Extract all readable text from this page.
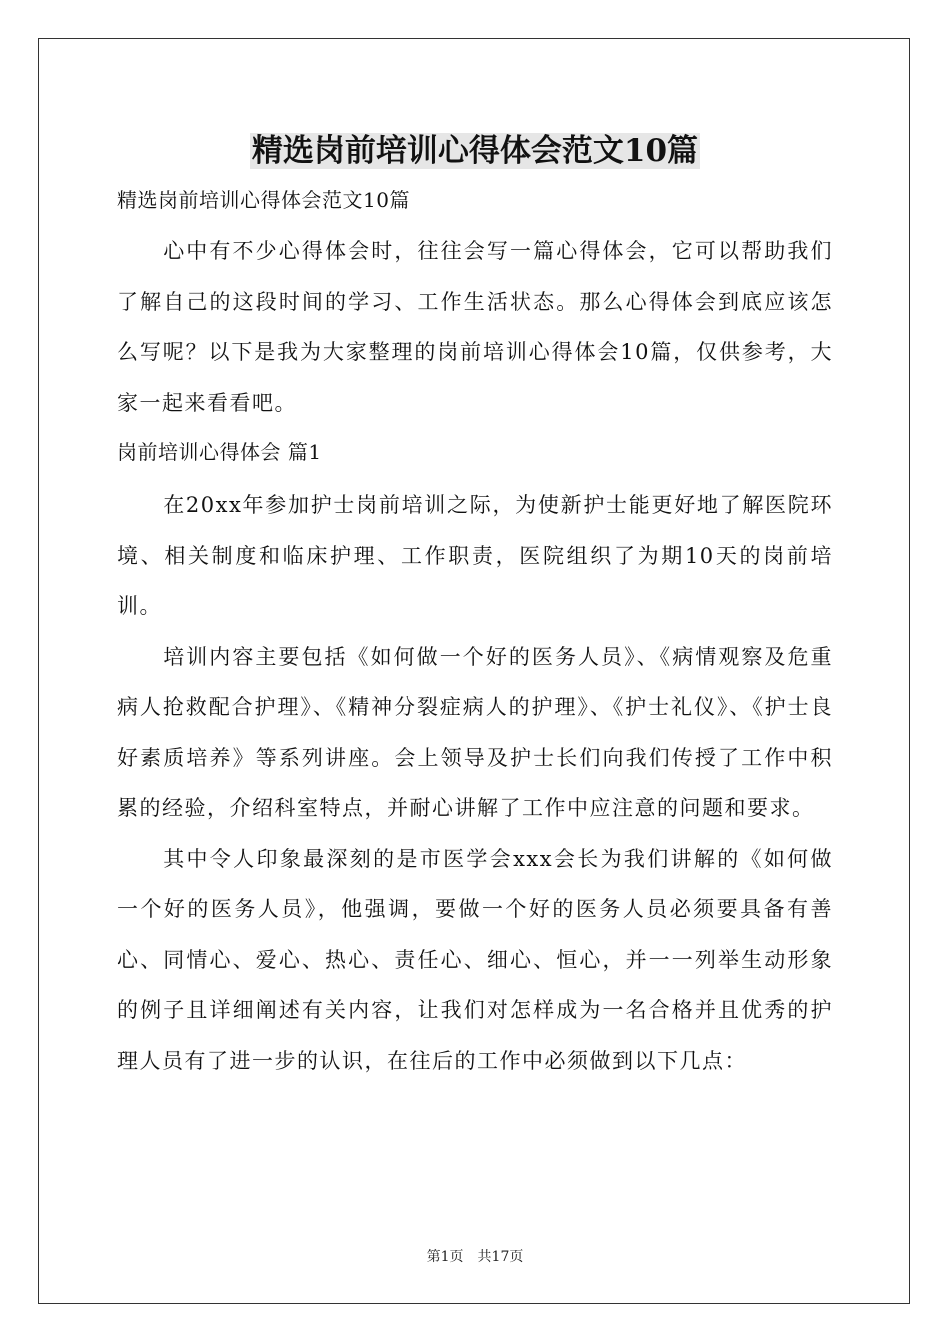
精选岗前培训心得体会范文10篇

精选岗前培训心得体会范文10篇

心中有不少心得体会时，往往会写一篇心得体会，它可以帮助我们了解自己的这段时间的学习、工作生活状态。那么心得体会到底应该怎么写呢？以下是我为大家整理的岗前培训心得体会10篇，仅供参考，大家一起来看看吧。

岗前培训心得体会 篇1

在20xx年参加护士岗前培训之际，为使新护士能更好地了解医院环境、相关制度和临床护理、工作职责，医院组织了为期10天的岗前培训。

培训内容主要包括《如何做一个好的医务人员》、《病情观察及危重病人抢救配合护理》、《精神分裂症病人的护理》、《护士礼仪》、《护士良好素质培养》等系列讲座。会上领导及护士长们向我们传授了工作中积累的经验，介绍科室特点，并耐心讲解了工作中应注意的问题和要求。

其中令人印象最深刻的是市医学会xxx会长为我们讲解的《如何做一个好的医务人员》，他强调，要做一个好的医务人员必须要具备有善心、同情心、爱心、热心、责任心、细心、恒心，并一一列举生动形象的例子且详细阐述有关内容，让我们对怎样成为一名合格并且优秀的护理人员有了进一步的认识，在往后的工作中必须做到以下几点：

第1页　共17页
